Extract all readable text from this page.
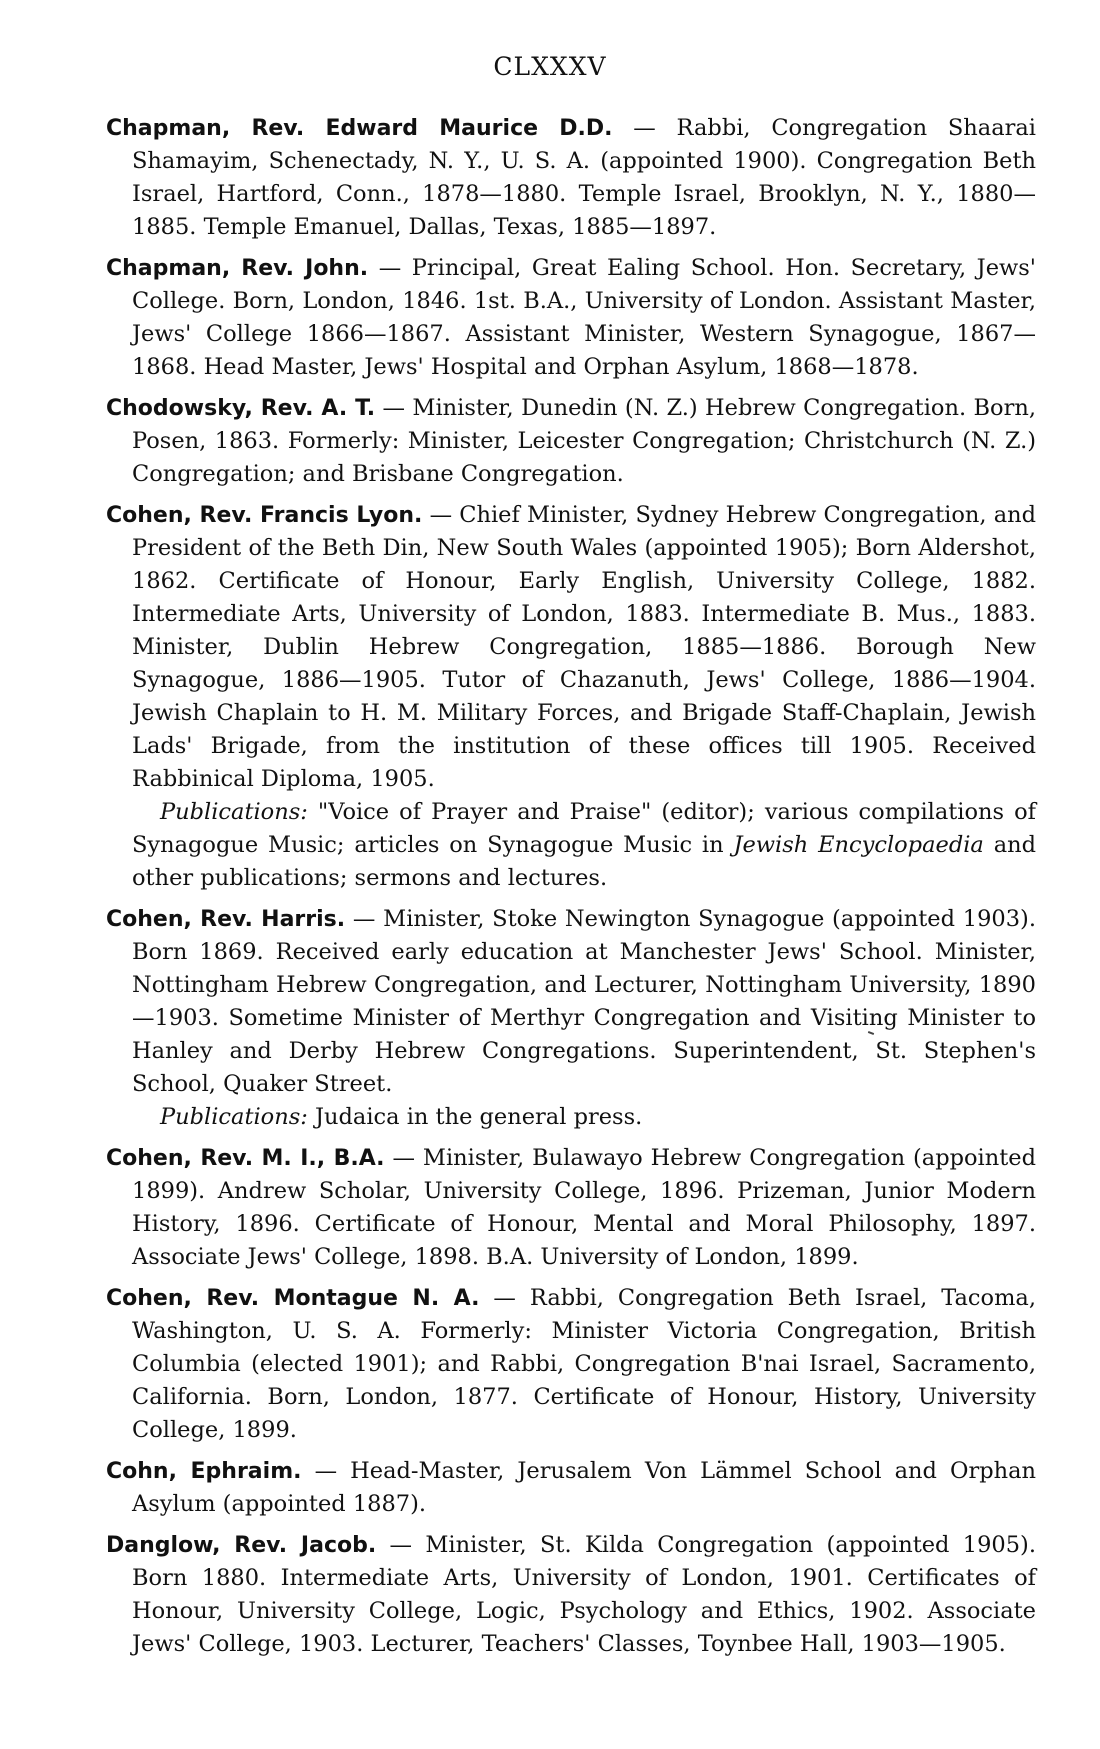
CLXXXV

Chapman, Rev. Edward Maurice D.D. — Rabbi, Congregation Shaarai Shamayim, Schenectady, N. Y., U. S. A. (appointed 1900). Congregation Beth Israel, Hartford, Conn., 1878—1880. Temple Israel, Brooklyn, N. Y., 1880—1885. Temple Emanuel, Dallas, Texas, 1885—1897.

Chapman, Rev. John. — Principal, Great Ealing School. Hon. Secretary, Jews' College. Born, London, 1846. 1st. B.A., University of London. Assistant Master, Jews' College 1866—1867. Assistant Minister, Western Synagogue, 1867—1868. Head Master, Jews' Hospital and Orphan Asylum, 1868—1878.

Chodowsky, Rev. A. T. — Minister, Dunedin (N. Z.) Hebrew Congregation. Born, Posen, 1863. Formerly: Minister, Leicester Congregation; Christchurch (N. Z.) Congregation; and Brisbane Congregation.

Cohen, Rev. Francis Lyon. — Chief Minister, Sydney Hebrew Congregation, and President of the Beth Din, New South Wales (appointed 1905); Born Aldershot, 1862. Certificate of Honour, Early English, University College, 1882. Intermediate Arts, University of London, 1883. Intermediate B. Mus., 1883. Minister, Dublin Hebrew Congregation, 1885—1886. Borough New Synagogue, 1886—1905. Tutor of Chazanuth, Jews' College, 1886—1904. Jewish Chaplain to H. M. Military Forces, and Brigade Staff-Chaplain, Jewish Lads' Brigade, from the institution of these offices till 1905. Received Rabbinical Diploma, 1905.

Publications: "Voice of Prayer and Praise" (editor); various compilations of Synagogue Music; articles on Synagogue Music in Jewish Encyclopaedia and other publications; sermons and lectures.

Cohen, Rev. Harris. — Minister, Stoke Newington Synagogue (appointed 1903). Born 1869. Received early education at Manchester Jews' School. Minister, Nottingham Hebrew Congregation, and Lecturer, Nottingham University, 1890—1903. Sometime Minister of Merthyr Congregation and Visiting Minister to Hanley and Derby Hebrew Congregations. Superintendent, St. Stephen's School, Quaker Street.

Publications: Judaica in the general press.

Cohen, Rev. M. I., B.A. — Minister, Bulawayo Hebrew Congregation (appointed 1899). Andrew Scholar, University College, 1896. Prizeman, Junior Modern History, 1896. Certificate of Honour, Mental and Moral Philosophy, 1897. Associate Jews' College, 1898. B.A. University of London, 1899.

Cohen, Rev. Montague N. A. — Rabbi, Congregation Beth Israel, Tacoma, Washington, U. S. A. Formerly: Minister Victoria Congregation, British Columbia (elected 1901); and Rabbi, Congregation B'nai Israel, Sacramento, California. Born, London, 1877. Certificate of Honour, History, University College, 1899.

Cohn, Ephraim. — Head-Master, Jerusalem Von Lämmel School and Orphan Asylum (appointed 1887).

Danglow, Rev. Jacob. — Minister, St. Kilda Congregation (appointed 1905). Born 1880. Intermediate Arts, University of London, 1901. Certificates of Honour, University College, Logic, Psychology and Ethics, 1902. Associate Jews' College, 1903. Lecturer, Teachers' Classes, Toynbee Hall, 1903—1905.
